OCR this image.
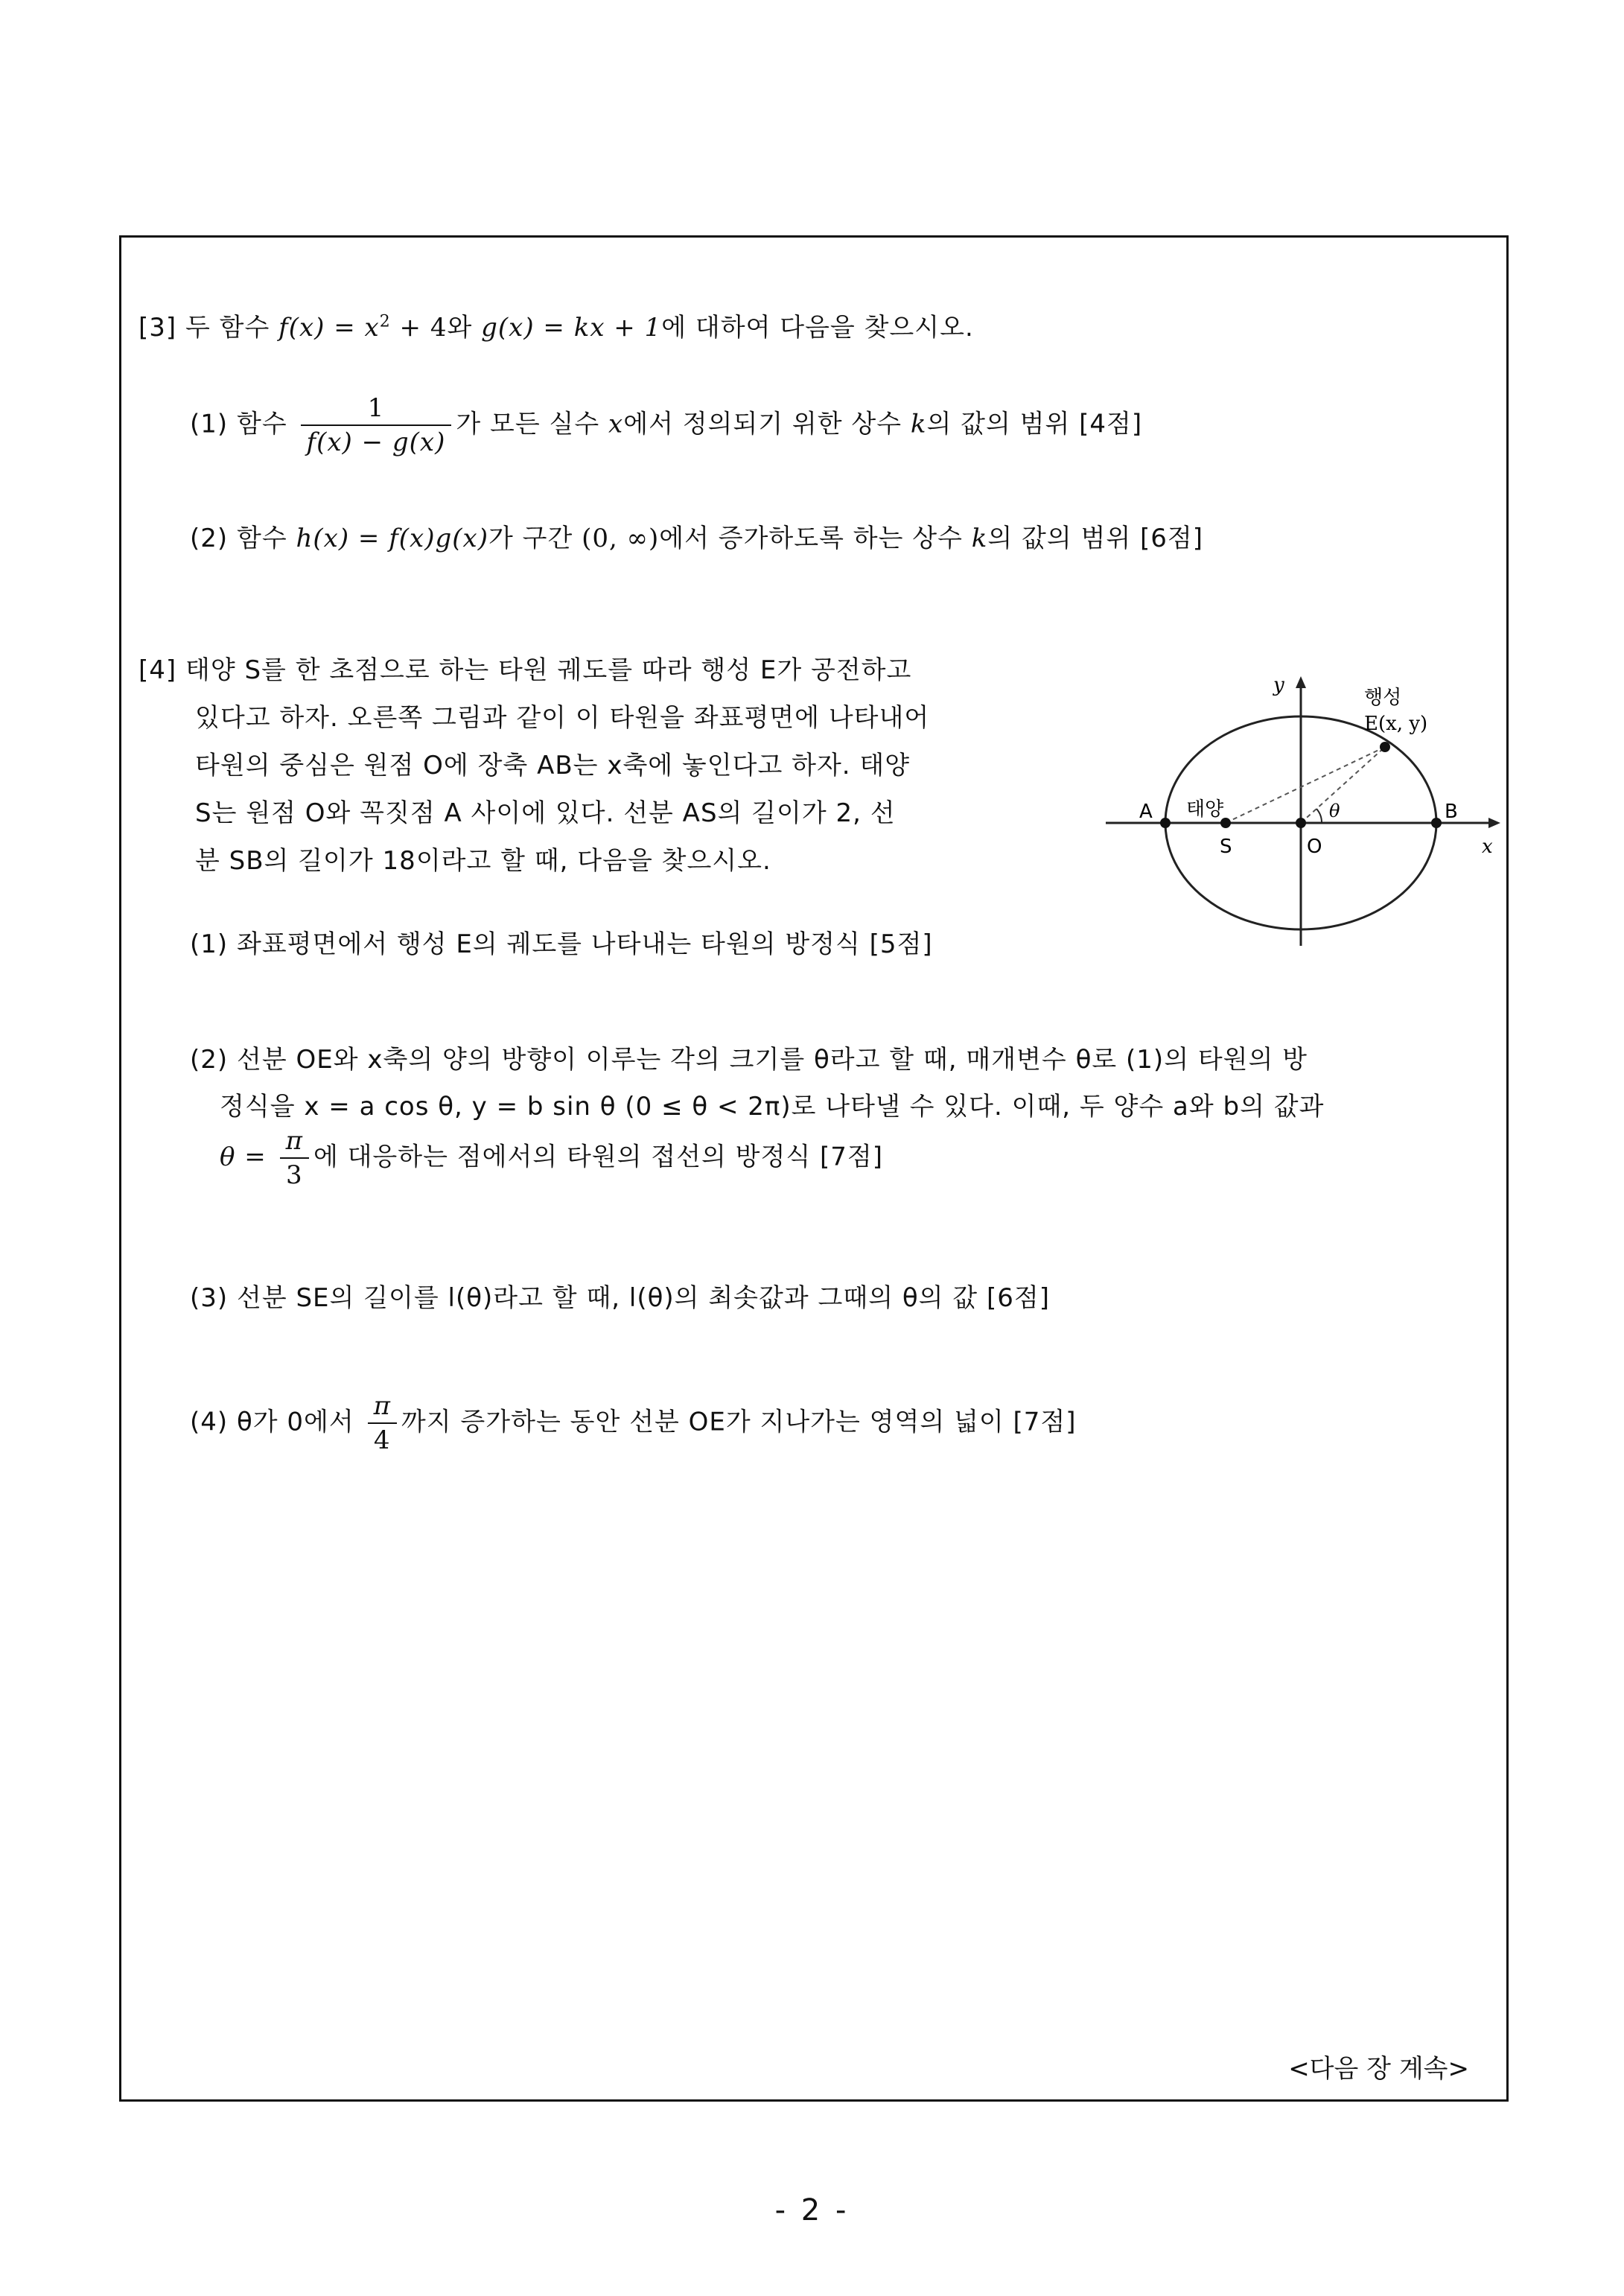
<다음 장 계속>
[3] 두 함수 $f(x) = x^2 + 4$와 g(x) = kx + 1에 대하여 다음을 찾으시오.
(1) 함수 $\frac{1}{f(x) - g(x)}$ 가 모든 실수 x에서 정의되기 위한 상수 k의 값의 범위 [4점]
(2) 함수 h(x) = f(x)g(x)가 구간 (0, ∞)에서 증가하도록 하는 상수 k의 값의 범위 [6점]
[4] 태양 S를 한 초점으로 하는 타원 궤도를 따라 행성 E가 공전하고
있다고 하자. 오른쪽 그림과 같이 이 타원을 좌표평면에 나타내어
타원의 중심은 원점 O에 장축 AB는 x축에 놓인다고 하자. 태양
S는 원점 O와 꼭짓점 A 사이에 있다. 선분 AS의 길이가 2, 선
분 SB의 길이가 18이라고 할 때, 다음을 찾으시오.
y
x
행성
E(x, y)
A	B
태양
S	O
θ
(1) 좌표평면에서 행성 E의 궤도를 나타내는 타원의 방정식 [5점]
(2) 선분 OE와 x축의 양의 방향이 이루는 각의 크기를 θ라고 할 때, 매개변수 θ로 (1)의 타원의 방
정식을 x = a cos θ, y = b sin θ (0 ≤ θ < 2π)로 나타낼 수 있다. 이때, 두 양수 a와 b의 값과
$\theta = \frac{\pi}{3}$ 에 대응하는 점에서의 타원의 접선의 방정식 [7점]
(3) 선분 SE의 길이를 l(θ)라고 할 때, l(θ)의 최솟값과 그때의 θ의 값 [6점]
(4) θ가 0에서 $\frac{\pi}{4}$ 까지 증가하는 동안 선분 OE가 지나가는 영역의 넓이 [7점]
- 2 -
